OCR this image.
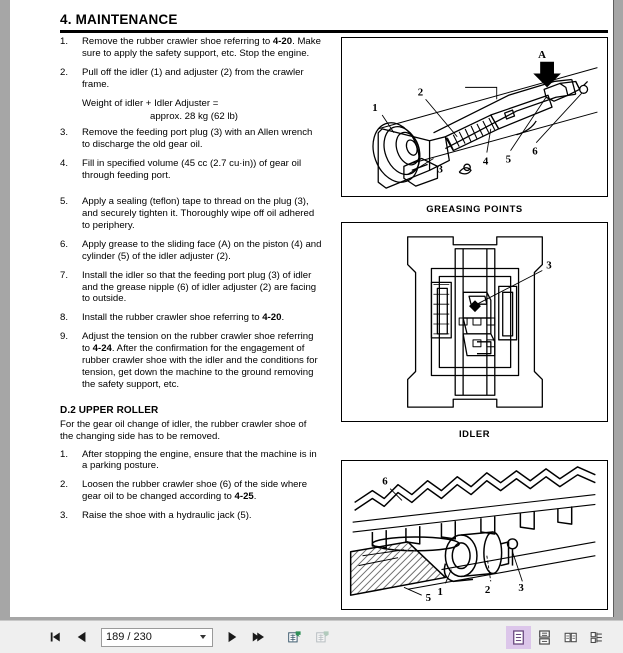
4. MAINTENANCE
1.	Remove the rubber crawler shoe referring to 4-20. Make sure to apply the safety support, etc. Stop the engine.
2.	Pull off the idler (1) and adjuster (2) from the crawler frame.
Weight of idler + Idler Adjuster =
approx. 28 kg (62 lb)
3.	Remove the feeding port plug (3) with an Allen wrench to discharge the old gear oil.
4.	Fill in specified volume (45 cc (2.7 cu·in)) of gear oil through feeding port.
5.	Apply a sealing (teflon) tape to thread on the plug (3), and securely tighten it. Thoroughly wipe off oil adhered to periphery.
6.	Apply grease to the sliding face (A) on the piston (4) and cylinder (5) of the idler adjuster (2).
7.	Install the idler so that the feeding port plug (3) of idler and the grease nipple (6) of idler adjuster (2) are facing to outside.
8.	Install the rubber crawler shoe referring to 4-20.
9.	Adjust the tension on the rubber crawler shoe referring to 4-24. After the confirmation for the engagement of rubber crawler shoe with the idler and the conditions for tension, get down the machine to the ground removing the safety support, etc.
D.2 UPPER ROLLER
For the gear oil change of idler, the rubber crawler shoe of the changing side has to be removed.
1.	After stopping the engine, ensure that the machine is in a parking posture.
2.	Loosen the rubber crawler shoe (6) of the side where gear oil to be changed according to 4-25.
3.	Raise the shoe with a hydraulic jack (5).
1
2
3
4 5
6
A
GREASING POINTS
3
IDLER
6
1	2	3
5
189 / 230
